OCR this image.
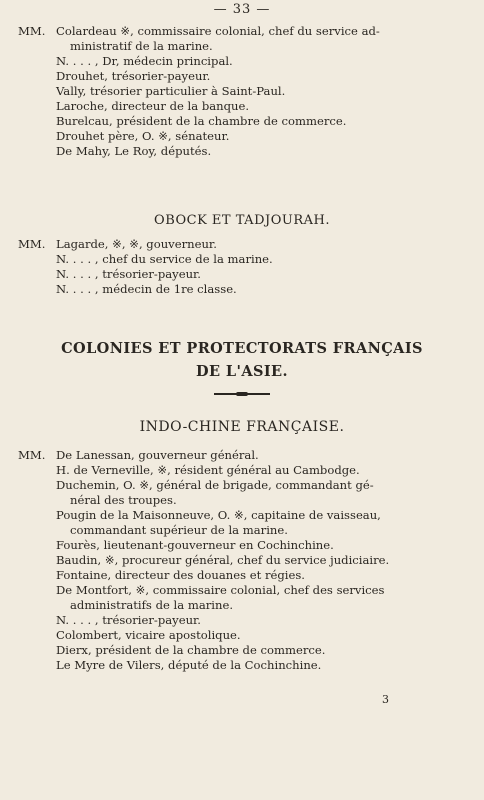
— 33 —
MM. Colardeau ※, commissaire colonial, chef du service ad-
ministratif de la marine.
N. . . . , Dr, médecin principal.
Drouhet, trésorier-payeur.
Vally, trésorier particulier à Saint-Paul.
Laroche, directeur de la banque.
Burelcau, président de la chambre de commerce.
Drouhet père, O. ※, sénateur.
De Mahy, Le Roy, députés.
OBOCK ET TADJOURAH.
MM. Lagarde, ※, ※, gouverneur.
N. . . . , chef du service de la marine.
N. . . . , trésorier-payeur.
N. . . . , médecin de 1re classe.
COLONIES ET PROTECTORATS FRANÇAIS
DE L'ASIE.
INDO-CHINE FRANÇAISE.
MM. De Lanessan, gouverneur général.
H. de Verneville, ※, résident général au Cambodge.
Duchemin, O. ※, général de brigade, commandant gé-
néral des troupes.
Pougin de la Maisonneuve, O. ※, capitaine de vaisseau,
commandant supérieur de la marine.
Fourès, lieutenant-gouverneur en Cochinchine.
Baudin, ※, procureur général, chef du service judiciaire.
Fontaine, directeur des douanes et régies.
De Montfort, ※, commissaire colonial, chef des services
administratifs de la marine.
N. . . . , trésorier-payeur.
Colombert, vicaire apostolique.
Dierx, président de la chambre de commerce.
Le Myre de Vilers, député de la Cochinchine.
3
